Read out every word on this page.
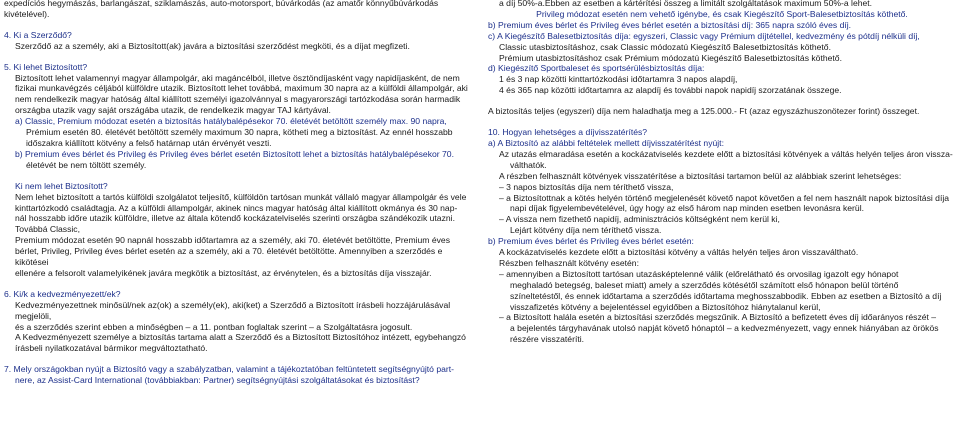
expedíciós hegymászás, barlangászat, sziklamászás, auto-motorsport, búvárkodás (az amatőr könnyűbúvárkodás

kivételével).

4. Ki a Szerződő?

Szerződő az a személy, aki a Biztosított(ak) javára a biztosítási szerződést megköti, és a díjat megfizeti.

5. Ki lehet Biztosított?

Biztosított lehet valamennyi magyar állampolgár, aki magáncélból, illetve ösztöndíjasként vagy napidíjasként, de nem

fizikai munkavégzés céljából külföldre utazik. Biztosított lehet továbbá, maximum 30 napra az a külföldi állampolgár, aki

nem rendelkezik magyar hatóság által kiállított személyi igazolvánnyal s magyarországi tartózkodása során harmadik

országba utazik vagy saját országába utazik, de rendelkezik magyar TAJ kártyával.

a) Classic, Premium módozat esetén a biztosítás hatálybalépésekor 70. életévét betöltött személy max. 90 napra,

Prémium esetén 80. életévét betöltött személy maximum 30 napra, kötheti meg a biztosítást. Az ennél hosszabb

időszakra kiállított kötvény a felső határnap után érvényét veszti.

b) Premium éves bérlet és Privileg és Privileg éves bérlet esetén Biztosított lehet a biztosítás hatálybalépésekor 70.

életévét be nem töltött személy.

Ki nem lehet Biztosított?

Nem lehet biztosított a tartós külföldi szolgálatot teljesítő, külföldön tartósan munkát vállaló magyar állampolgár és vele

kinttartózkodó családtagja. Az a külföldi állampolgár, akinek nincs magyar hatóság által kiállított okmánya és 30 nap-

nál hosszabb időre utazik külföldre, illetve az általa kötendő kockázatelviselés szerinti országba szándékozik utazni. Továbbá Classic,

Premium módozat esetén 90 napnál hosszabb időtartamra az a személy, aki 70. életévét betöltötte, Premium éves

bérlet, Privileg, Privileg éves bérlet esetén az a személy, aki a 70. életévét betöltötte. Amennyiben a szerződés e kikötései

ellenére a felsorolt valamelyikének javára megkötik a biztosítást, az érvénytelen, és a biztosítás díja visszajár.

6. Ki/k a kedvezményezett/ek?

Kedvezményezettnek minősül/nek az(ok) a személy(ek), aki(ket) a Szerződő a Biztosított írásbeli hozzájárulásával megjelöli,

és a szerződés szerint ebben a minőségben – a 11. pontban foglaltak szerint – a Szolgáltatásra jogosult.

A Kedvezményezett személye a biztosítás tartama alatt a Szerződő és a Biztosított Biztosítóhoz intézett, egybehangzó

írásbeli nyilatkozatával bármikor megváltoztatható.

7. Mely országokban nyújt a Biztosító vagy a szabályzatban, valamint a tájékoztatóban feltüntetett segítségnyújtó part-

nere, az Assist-Card International (továbbiakban: Partner) segítségnyújtási szolgáltatásokat és biztosítást?

a díj 50%-a.Ebben az esetben a kártérítési összeg a limitált szolgáltatások maximum 50%-a lehet.

Privileg módozat esetén nem vehető igénybe, és csak Kiegészítő Sport-Balesetbiztosítás köthető.

b) Premium éves bérlet és Privileg éves bérlet esetén a biztosítási díj: 365 napra szóló éves díj.

c) A Kiegészítő Balesetbiztosítás díja: egyszeri, Classic vagy Prémium díjtétellel, kedvezmény és pótdíj nélküli díj,

Classic utasbiztosításhoz, csak Classic módozatú Kiegészítő Balesetbiztosítás köthető.

Prémium utasbiztosításhoz csak Prémium módozatú Kiegészítő Balesetbiztosítás köthető.

d) Kiegészítő Sportbaleset és sportsérülésbiztosítás díja:

1 és 3 nap közötti kinttartózkodási időtartamra 3 napos alapdíj,

4 és 365 nap közötti időtartamra az alapdíj és további napok napidíj szorzatának összege.

A biztosítás teljes (egyszeri) díja nem haladhatja meg a 125.000.- Ft (azaz egyszázhuszonötezer forint) összeget.

10. Hogyan lehetséges a díjvisszatérítés?

a) A Biztosító az alábbi feltételek mellett díjvisszatérítést nyújt:

Az utazás elmaradása esetén a kockázatviselés kezdete előtt a biztosítási kötvények a váltás helyén teljes áron vissza-

válthatók.

A részben felhasznált kötvények visszatérítése a biztosítási tartamon belül az alábbiak szerint lehetséges:

– 3 napos biztosítás díja nem téríthető vissza,

– a Biztosítottnak a kötés helyén történő megjelenését követő napot követően a fel nem használt napok biztosítási díja

napi díjak figyelembevételével, úgy hogy az első három nap minden esetben levonásra kerül.

– A vissza nem fizethető napidíj, adminisztrációs költségként nem kerül ki,

Lejárt kötvény díja nem téríthető vissza.

b) Premium éves bérlet és Privileg éves bérlet esetén:

A kockázatviselés kezdete előtt a biztosítási kötvény a váltás helyén teljes áron visszaváltható.

Részben felhasznált kötvény esetén:

– amennyiben a Biztosított tartósan utazásképtelenné válik (előrelátható és orvosilag igazolt egy hónapot

meghaladó betegség, baleset miatt) amely a szerződés kötésétől számított első hónapon belül történő

színeltetéstől, és ennek időtartama a szerződés időtartama meghosszabbodik. Ebben az esetben a Biztosító a díj

visszafizetés kötvény a bejelentéssel egyidőben a Biztosítóhoz hiánytalanul kerül,

– a Biztosított halála esetén a biztosítási szerződés megszűnik. A Biztosító a befizetett éves díj időarányos részét –

a bejelentés tárgyhavának utolsó napját követő hónaptól – a kedvezményezett, vagy ennek hiányában az örökös

részére visszatéríti.
